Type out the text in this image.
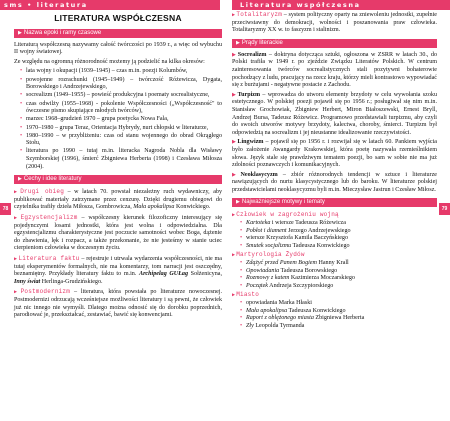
sms • literatura	Literatura współczesna
78	79
LITERATURA WSPÓŁCZESNA
▶ Nazwa epoki i ramy czasowe

Literaturą współczesną nazywamy całość twórczości po 1939 r., a więc od wybuchu II wojny światowej.

Ze względu na ogromną różnorodność możemy ją podzielić na kilka okresów:

• lata wojny i okupacji (1939–1945) – czas m.in. poezji Kolumbów,
• powojenne rozrachunki (1945–1949) – twórczość Różewicza, Dygata, Borowskiego i Andrzejewskiego,
• socrealizm (1949–1955) – powieść produkcyjna i poematy socrealistyczne,
• czas odwilży (1955–1968) - pokolenie Współczesności („Współczesność" to ówczesne pismo skupiające młodych twórców),
• marzec 1968–grudzień 1970 – grupa poetycka Nowa Fala,
• 1970–1980 – grupa Teraz, Orientacja Hybrydy, nurt chłopski w literaturze,
• 1980–1990 – w przybliżeniu: czas od stanu wojennego do obrad Okrągłego Stołu,
• literatura po 1990 – tutaj m.in. literacka Nagroda Nobla dla Wisławy Szymborskiej (1996), śmierć Zbigniewa Herberta (1998) i Czesława Miłosza (2004).
▶ Cechy i idee literatury

▶Drugi obieg – w latach 70. powstał niezależny ruch wydawniczy, aby publikować materiały zatrzymane przez cenzurę. Dzięki drugiemu obiegowi do czytelnika trafiły dzieła Miłosza, Gombrowicza, Mała apokalipsa Konwickiego.

▶Egzystencjalizm – współczesny kierunek filozoficzny interesujący się pojedynczymi losami jednostki, która jest wolna i odpowiedzialna. Dla egzystencjalizmu charakterystyczne jest poczucie samotności wobec Boga, dążenie do zbawienia, lęk i rozpacz, a także przekonanie, że nie jesteśmy w stanie uciec cierpieniom człowieka w doczesnym życiu.

▶Literatura faktu – rejestruje i utrwala wydarzenia współczesności, nie ma tutaj eksperymentów formalnych, nie ma komentarzy, tom narracji jest oszczędny, beznamiętny. Przykłady literatury faktu to m.in. Archipelag GUŁag Sołżenicyna, Inny świat Herlinga-Grudzińskiego.

▶Postmodernizm – literatura, która powstała po literaturze nowoczesnej. Postmodernizi odrzucają wcześniejsze możliwości literatury i są pewni, że człowiek już nic innego nie wymyśli. Dlatego można odnosić się do dorobku poprzednich, parodiować je, przekształcać, zestawiać, bawić się konwencjami.

▶Totalitaryzm – system polityczny oparty na zniewoleniu jednostki, zupełnie przeciwstawny do demokracji, wolności i poszanowania praw człowieka. Totalitaryzmy XX w. to faszyzm i stalinizm.

▶ Prądy literackie

▶Socrealizm – doktryna dotycząca sztuki, ogłoszona w ZSRR w latach 30., do Polski trafiła w 1949 r. po zjeździe Związku Literatów Polskich. W centrum zainteresowania twórców socrealistycznych stali pozytywni bohaterowie pochodzący z ludu, pracujący na rzecz kraju, którzy mieli kontrastowo wypowiadać się z burżujami - negatywne postacie z Zachodu.

▶Turpizm – wprowadza do utworu elementy brzydoty w celu wywołania szoku estetycznego. W polskiej poezji pojawił się po 1956 r.; posługiwał się nim m.in. Stanisław Grochowiak, Zbigniew Herbert, Miron Białoszewski, Ernest Bryll, Andrzej Bursa, Tadeusz Różewicz. Programowo przedstawiali turpizmu, aby czyli do swoich utworów motywy brzydoty, kalectwa, choroby, śmierci. Turpizm był odpowiedzią na socrealizm i jej nieustanne idealizowanie rzeczywistości.

▶Lingwizm – pojawił się po 1956 r. i rozwijał się w latach 60. Pankiem wyjścia było założenie Awangardy Krakowskiej, która poetę nazywała rzemieślnikiem słowa. Język stale się prawdziwym tematem poezji, bo sam w sobie nie ma już zdolności poznawczych i komunikacyjnych.

▶Neoklasycyzm – zbiór różnorodnych tendencji w sztuce i literaturze nawiązujących do nurtu klasycystycznego lub do baroku. W literaturze polskiej przedstawicielami neoklasycyzmu byli m.in. Mieczysław Jastrun i Czesław Miłosz.

▶ Najważniejsze motywy i tematy
▶Człowiek w zagrożeniu wojną
• Kartoteka i wiersze Tadeusza Różewicza
• Pobłot i diament Jerzego Andrzejewskiego
• wiersze Krzysztofa Kamila Baczyńskiego
• Smutek socjalizmu Tadeusza Konwickiego
▶Martyrologia Żydów
• Zdążyć przed Panem Bogiem Hanny Krall
• Opowiadania Tadeusza Borowskiego
• Rozmowy z katem Kazimierza Moczarskiego
• Początek Andrzeja Szczypiorskiego
▶Miasto
• opowiadania Marka Hłaski
• Mała apokalipsa Tadeusza Konwickiego
• Raport z oblężonego miasta Zbigniewa Herberta
• Zły Leopolda Tyrmanda
